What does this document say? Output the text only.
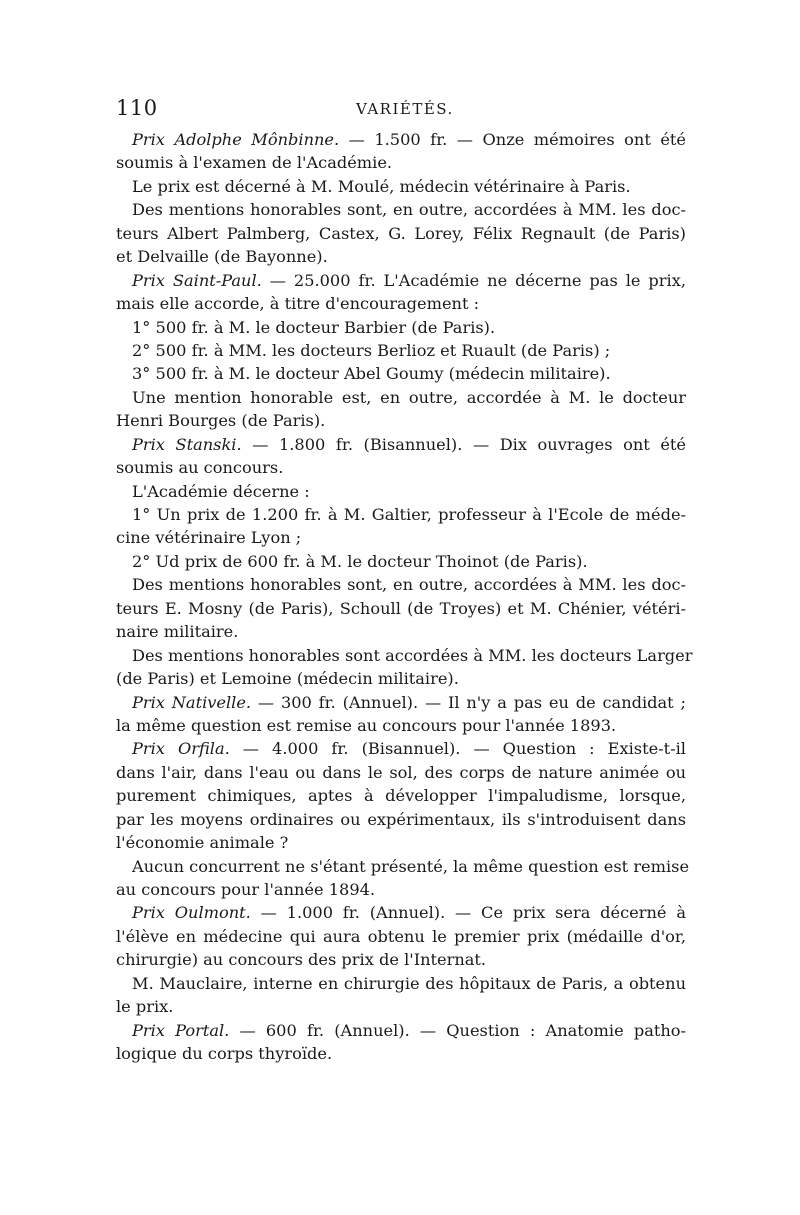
110	VARIÉTÉS.
Prix Adolphe Mônbinne. — 1.500 fr. — Onze mémoires ont été
soumis à l'examen de l'Académie.
Le prix est décerné à M. Moulé, médecin vétérinaire à Paris.
Des mentions honorables sont, en outre, accordées à MM. les doc-
teurs Albert Palmberg, Castex, G. Lorey, Félix Regnault (de Paris)
et Delvaille (de Bayonne).
Prix Saint-Paul. — 25.000 fr. L'Académie ne décerne pas le prix,
mais elle accorde, à titre d'encouragement :
1° 500 fr. à M. le docteur Barbier (de Paris).
2° 500 fr. à MM. les docteurs Berlioz et Ruault (de Paris) ;
3° 500 fr. à M. le docteur Abel Goumy (médecin militaire).
Une mention honorable est, en outre, accordée à M. le docteur
Henri Bourges (de Paris).
Prix Stanski. — 1.800 fr. (Bisannuel). — Dix ouvrages ont été
soumis au concours.
L'Académie décerne :
1° Un prix de 1.200 fr. à M. Galtier, professeur à l'Ecole de méde-
cine vétérinaire Lyon ;
2° Ud prix de 600 fr. à M. le docteur Thoinot (de Paris).
Des mentions honorables sont, en outre, accordées à MM. les doc-
teurs E. Mosny (de Paris), Schoull (de Troyes) et M. Chénier, vétéri-
naire militaire.
Des mentions honorables sont accordées à MM. les docteurs Larger
(de Paris) et Lemoine (médecin militaire).
Prix Nativelle. — 300 fr. (Annuel). — Il n'y a pas eu de candidat ;
la même question est remise au concours pour l'année 1893.
Prix Orfila. — 4.000 fr. (Bisannuel). — Question : Existe-t-il
dans l'air, dans l'eau ou dans le sol, des corps de nature animée ou
purement chimiques, aptes à développer l'impaludisme, lorsque,
par les moyens ordinaires ou expérimentaux, ils s'introduisent dans
l'économie animale ?
Aucun concurrent ne s'étant présenté, la même question est remise
au concours pour l'année 1894.
Prix Oulmont. — 1.000 fr. (Annuel). — Ce prix sera décerné à
l'élève en médecine qui aura obtenu le premier prix (médaille d'or,
chirurgie) au concours des prix de l'Internat.
M. Mauclaire, interne en chirurgie des hôpitaux de Paris, a obtenu
le prix.
Prix Portal. — 600 fr. (Annuel). — Question : Anatomie patho-
logique du corps thyroïde.
